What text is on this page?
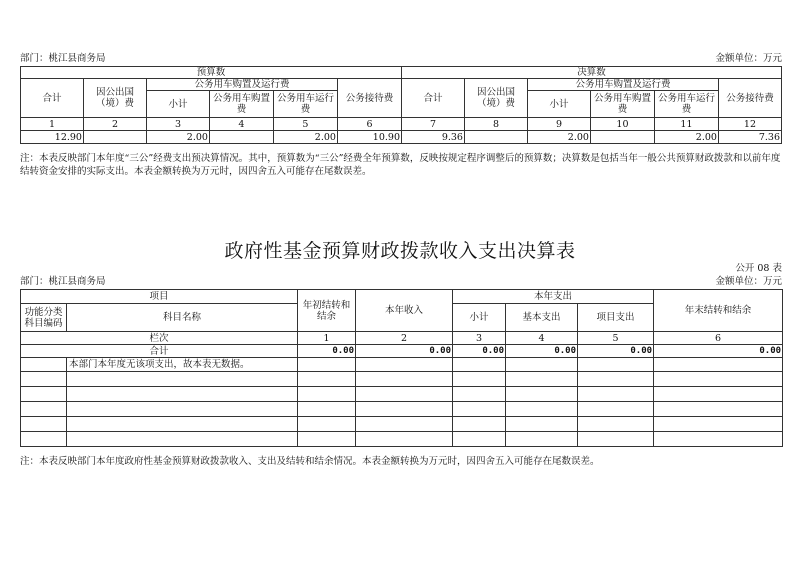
部门：桃江县商务局	金额单位：万元
预算数						决算数					
合计	因公出国（境）费	公务用车购置及运行费			公务接待费	合计	因公出国（境）费	公务用车购置及运行费			公务接待费
		小计	公务用车购置费	公务用车运行费				小计	公务用车购置费	公务用车运行费	
1	2	3	4	5	6	7	8	9	10	11	12
12.90		2.00		2.00	10.90	9.36		2.00		2.00	7.36
注：本表反映部门本年度“三公”经费支出预决算情况。其中，预算数为“三公”经费全年预算数，反映按规定程序调整后的预算数；决算数是包括当年一般公共预算财政拨款和以前年度结转资金安排的实际支出。本表金额转换为万元时，因四舍五入可能存在尾数误差。
政府性基金预算财政拨款收入支出决算表
公开 08 表
部门：桃江县商务局	金额单位：万元
项目		年初结转和结余	本年收入	本年支出			年末结转和结余
功能分类科目编码	科目名称			小计	基本支出	项目支出	
栏次		1	2	3	4	5	6
合计		0.00	0.00	0.00	0.00	0.00	0.00
	本部门本年度无该项支出，故本表无数据。						

注：本表反映部门本年度政府性基金预算财政拨款收入、支出及结转和结余情况。本表金额转换为万元时，因四舍五入可能存在尾数误差。
